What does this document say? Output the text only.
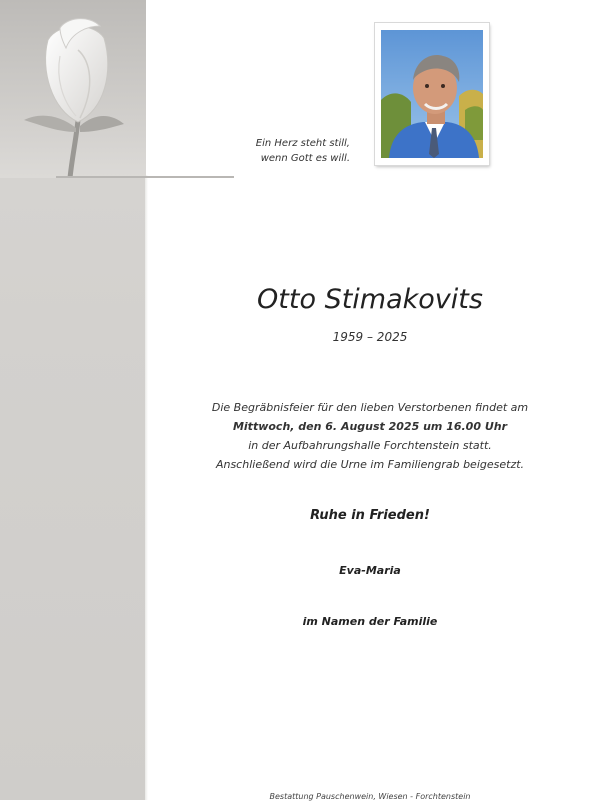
Ein Herz steht still,
wenn Gott es will.
Otto Stimakovits
1959 – 2025
Die Begräbnisfeier für den lieben Verstorbenen findet am
Mittwoch, den 6. August 2025 um 16.00 Uhr
in der Aufbahrungshalle Forchtenstein statt.
Anschließend wird die Urne im Familiengrab beigesetzt.
Ruhe in Frieden!
Eva-Maria
im Namen der Familie
Bestattung Pauschenwein, Wiesen - Forchtenstein
